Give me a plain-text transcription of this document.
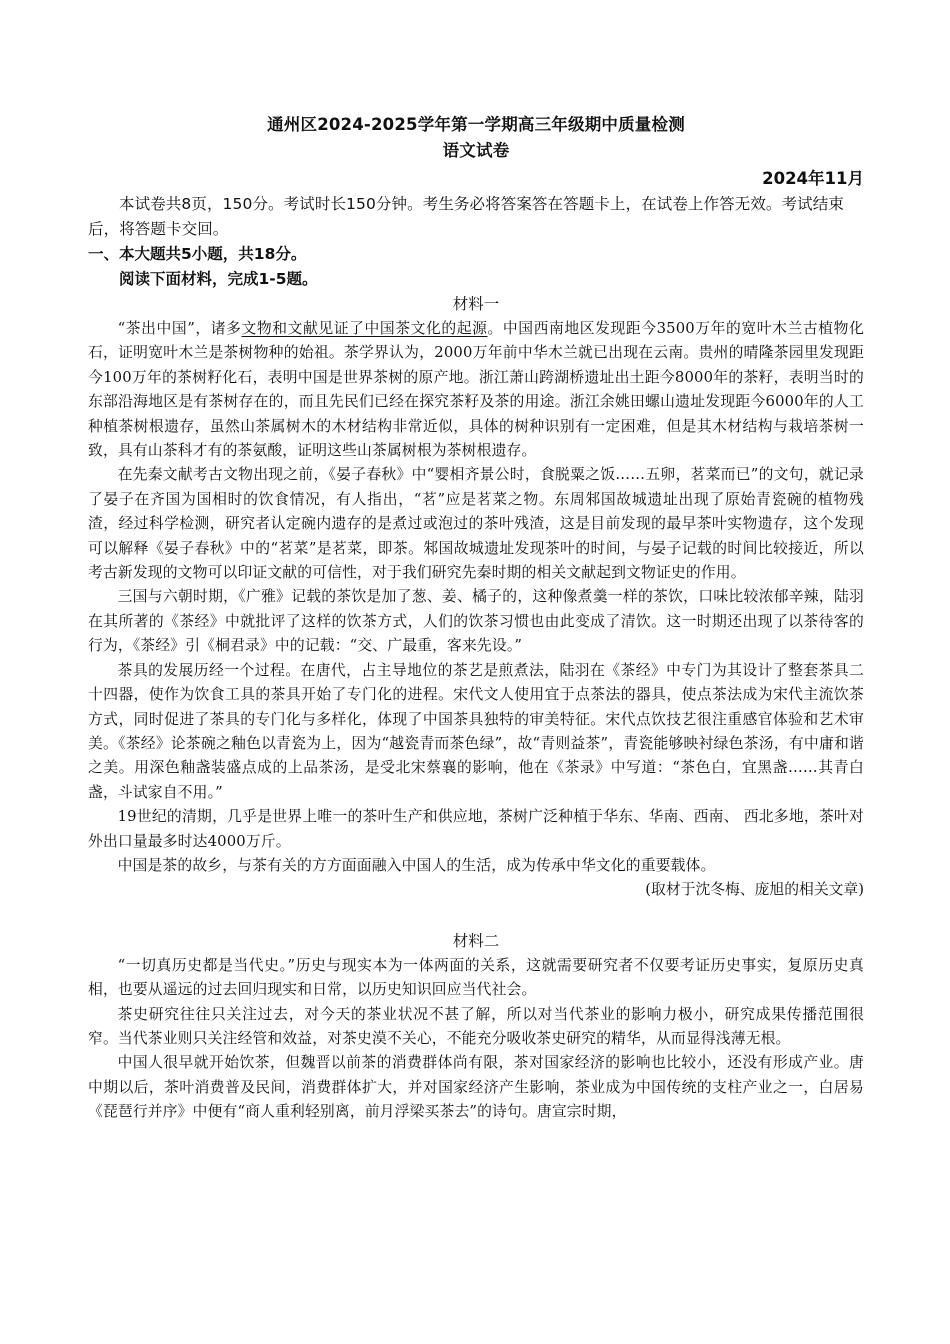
通州区2024-2025学年第一学期高三年级期中质量检测
语文试卷
2024年11月
本试卷共8页，150分。考试时长150分钟。考生务必将答案答在答题卡上，在试卷上作答无效。考试结束后，将答题卡交回。
一、本大题共5小题，共18分。
阅读下面材料，完成1-5题。
材料一

“茶出中国”，诸多文物和文献见证了中国茶文化的起源。中国西南地区发现距今3500万年的宽叶木兰古植物化石，证明宽叶木兰是茶树物种的始祖。茶学界认为，2000万年前中华木兰就已出现在云南。贵州的晴隆茶园里发现距今100万年的茶树籽化石，表明中国是世界茶树的原产地。浙江萧山跨湖桥遗址出土距今8000年的茶籽，表明当时的东部沿海地区是有茶树存在的，而且先民们已经在探究茶籽及茶的用途。浙江余姚田螺山遗址发现距今6000年的人工种植茶树根遗存，虽然山茶属树木的木材结构非常近似，具体的树种识别有一定困难，但是其木材结构与栽培茶树一致，具有山茶科才有的茶氨酸，证明这些山茶属树根为茶树根遗存。

在先秦文献考古文物出现之前，《晏子春秋》中“婴相齐景公时，食脱粟之饭……五卵，茗菜而已”的文句，就记录了晏子在齐国为国相时的饮食情况，有人指出，“茗”应是茗菜之物。东周邾国故城遗址出现了原始青瓷碗的植物残渣，经过科学检测，研究者认定碗内遗存的是煮过或泡过的茶叶残渣，这是目前发现的最早茶叶实物遗存，这个发现可以解释《晏子春秋》中的“茗菜”是茗菜，即茶。邾国故城遗址发现茶叶的时间，与晏子记载的时间比较接近，所以考古新发现的文物可以印证文献的可信性，对于我们研究先秦时期的相关文献起到文物证史的作用。

三国与六朝时期，《广雅》记载的茶饮是加了葱、姜、橘子的，这种像煮羹一样的茶饮，口味比较浓郁辛辣，陆羽在其所著的《茶经》中就批评了这样的饮茶方式，人们的饮茶习惯也由此变成了清饮。这一时期还出现了以茶待客的行为，《茶经》引《桐君录》中的记载：“交、广最重，客来先设。”

茶具的发展历经一个过程。在唐代，占主导地位的茶艺是煎煮法，陆羽在《茶经》中专门为其设计了整套茶具二十四器，使作为饮食工具的茶具开始了专门化的进程。宋代文人使用宜于点茶法的器具，使点茶法成为宋代主流饮茶方式，同时促进了茶具的专门化与多样化，体现了中国茶具独特的审美特征。宋代点饮技艺很注重感官体验和艺术审美。《茶经》论茶碗之釉色以青瓷为上，因为“越瓷青而茶色绿”，故“青则益茶”，青瓷能够映衬绿色茶汤，有中庸和谐之美。用深色釉盏装盛点成的上品茶汤，是受北宋蔡襄的影响，他在《茶录》中写道：“茶色白，宜黑盏……其青白盏，斗试家自不用。”

19世纪的清期，几乎是世界上唯一的茶叶生产和供应地，茶树广泛种植于华东、华南、西南、 西北多地，茶叶对外出口量最多时达4000万斤。

中国是茶的故乡，与茶有关的方方面面融入中国人的生活，成为传承中华文化的重要载体。

(取材于沈冬梅、庞旭的相关文章)
材料二

“一切真历史都是当代史。”历史与现实本为一体两面的关系，这就需要研究者不仅要考证历史事实，复原历史真相，也要从遥远的过去回归现实和日常，以历史知识回应当代社会。

茶史研究往往只关注过去，对今天的茶业状况不甚了解，所以对当代茶业的影响力极小，研究成果传播范围很窄。当代茶业则只关注经管和效益，对茶史漠不关心，不能充分吸收茶史研究的精华，从而显得浅薄无根。

中国人很早就开始饮茶，但魏晋以前茶的消费群体尚有限，茶对国家经济的影响也比较小，还没有形成产业。唐中期以后，茶叶消费普及民间，消费群体扩大，并对国家经济产生影响，茶业成为中国传统的支柱产业之一，白居易《琵琶行并序》中便有“商人重利轻别离，前月浮梁买茶去”的诗句。唐宣宗时期，
